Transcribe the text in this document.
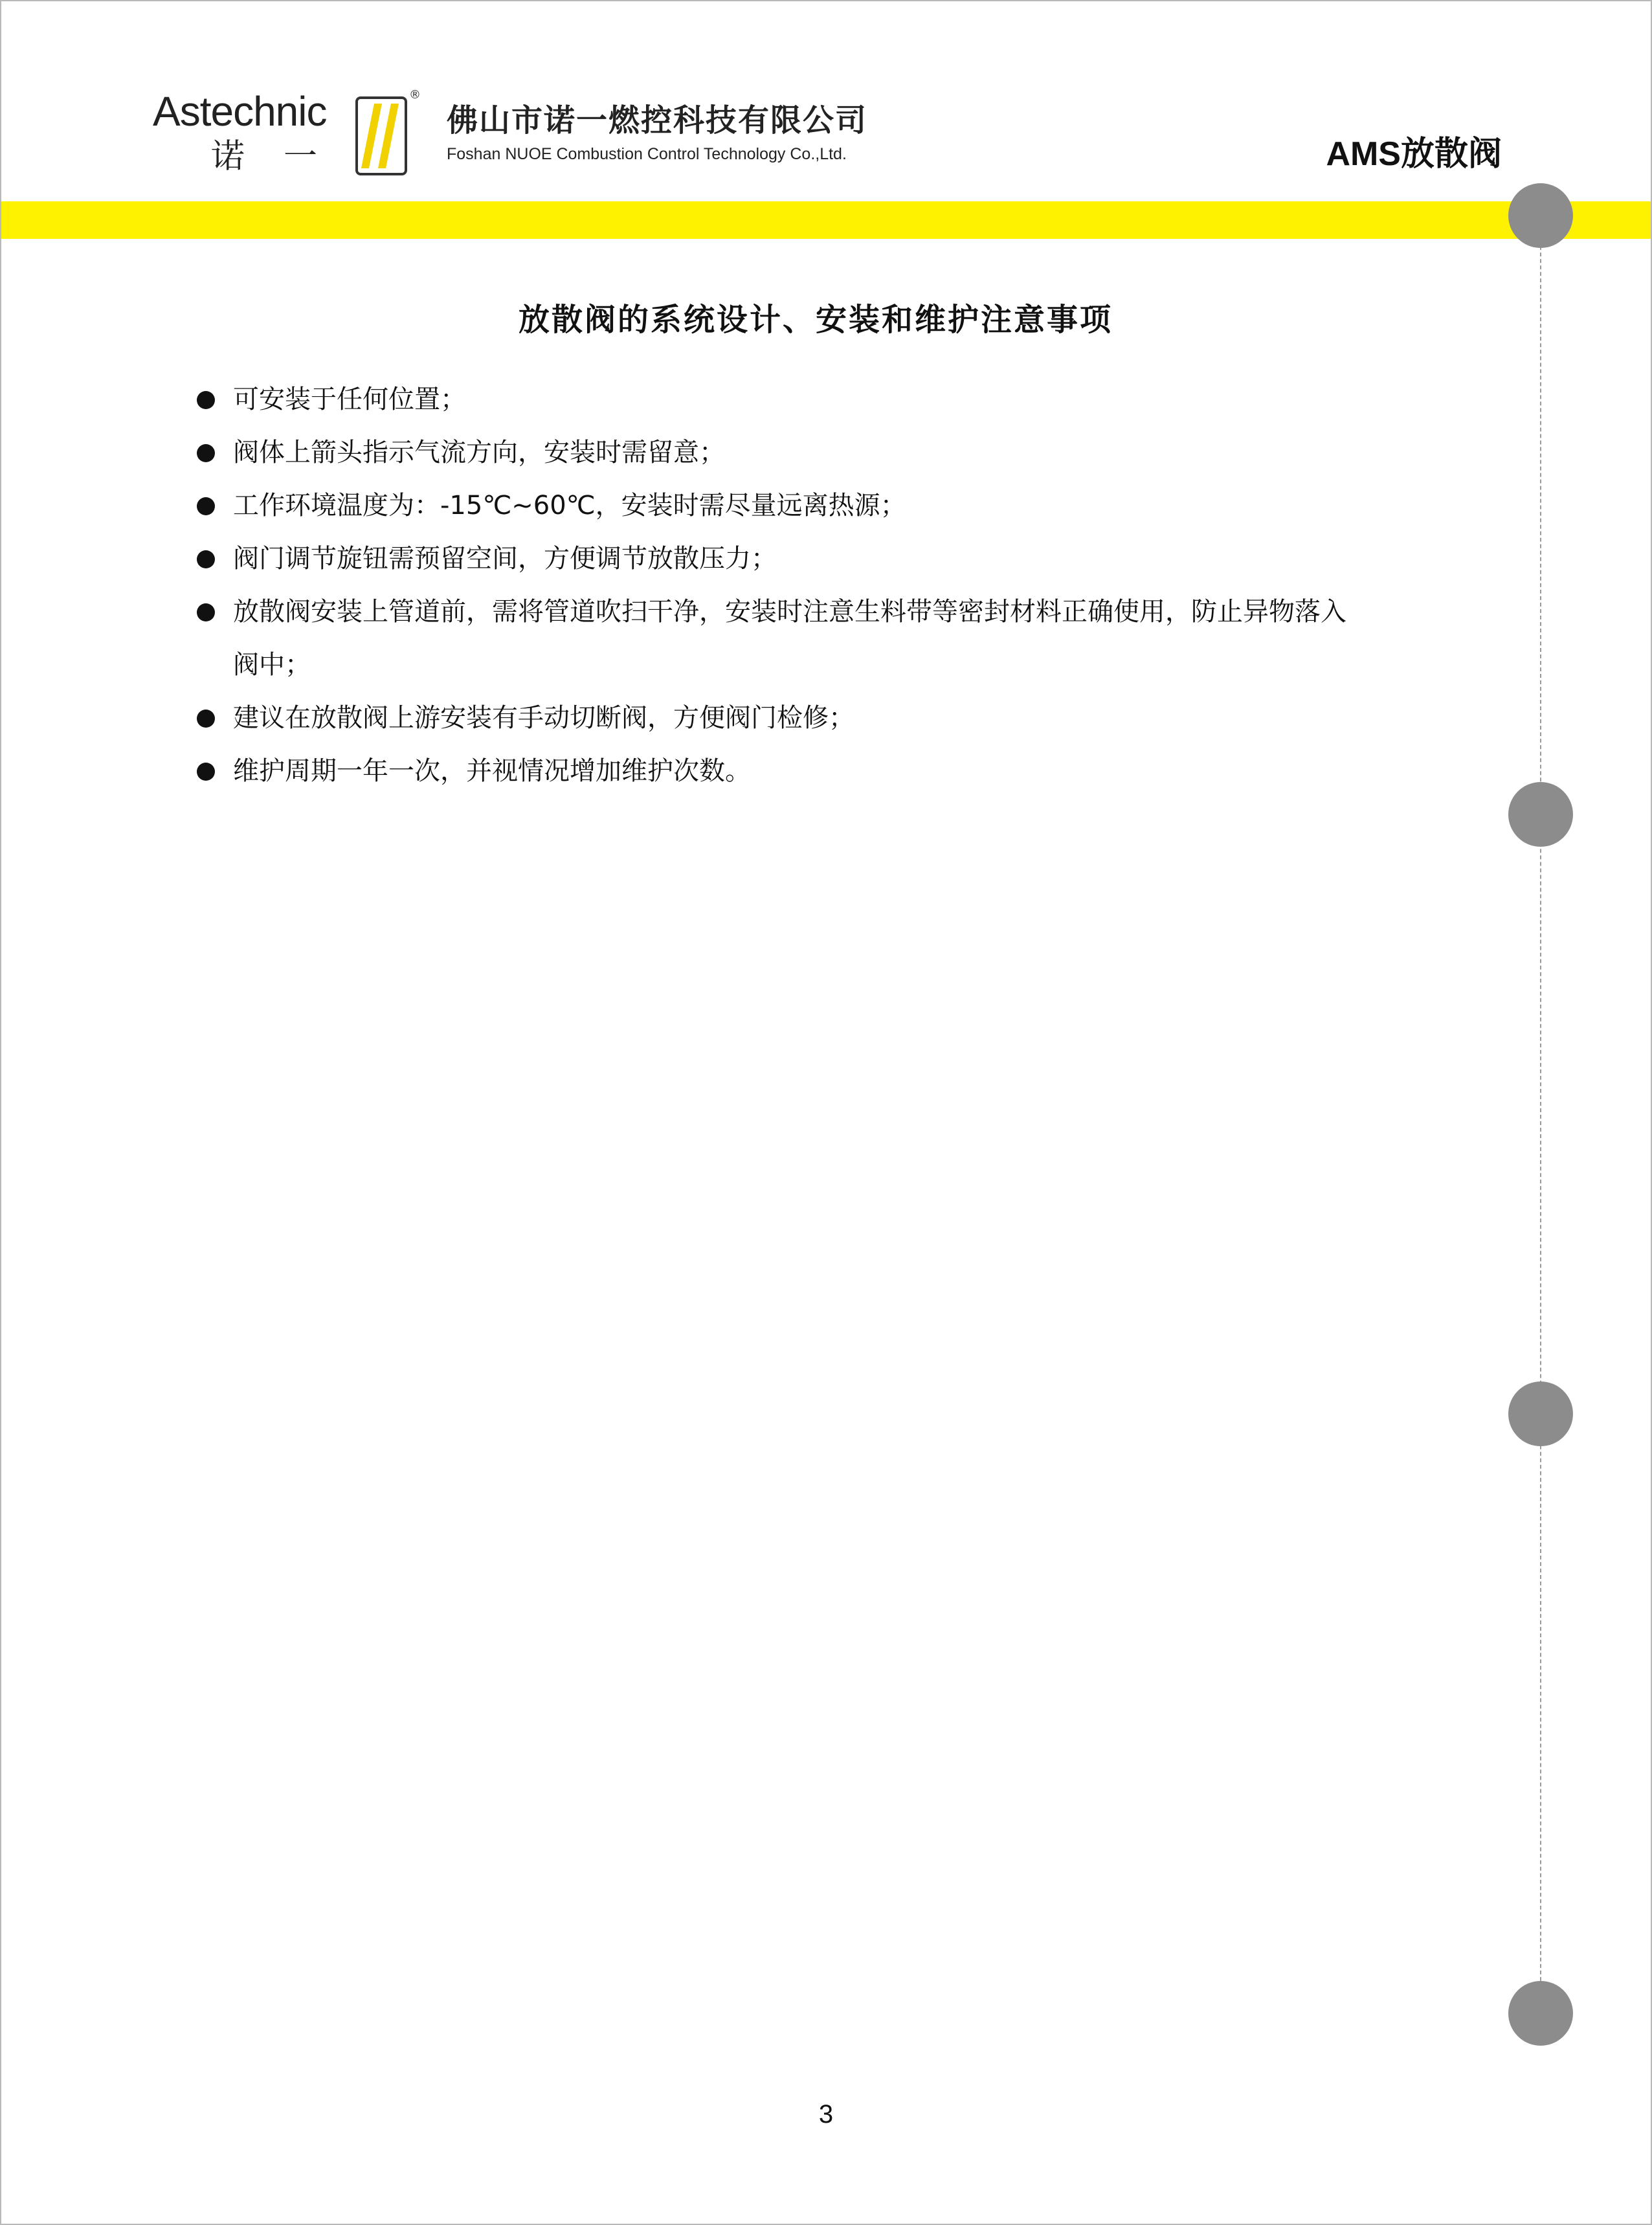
Astechnic
诺一
®
佛山市诺一燃控科技有限公司
Foshan NUOE Combustion Control Technology Co.,Ltd.	AMS放散阀
放散阀的系统设计、安装和维护注意事项
可安装于任何位置；
阀体上箭头指示气流方向，安装时需留意；
工作环境温度为：-15℃~60℃，安装时需尽量远离热源；
阀门调节旋钮需预留空间，方便调节放散压力；
放散阀安装上管道前，需将管道吹扫干净，安装时注意生料带等密封材料正确使用，防止异物落入阀中；
建议在放散阀上游安装有手动切断阀，方便阀门检修；
维护周期一年一次，并视情况增加维护次数。
3
